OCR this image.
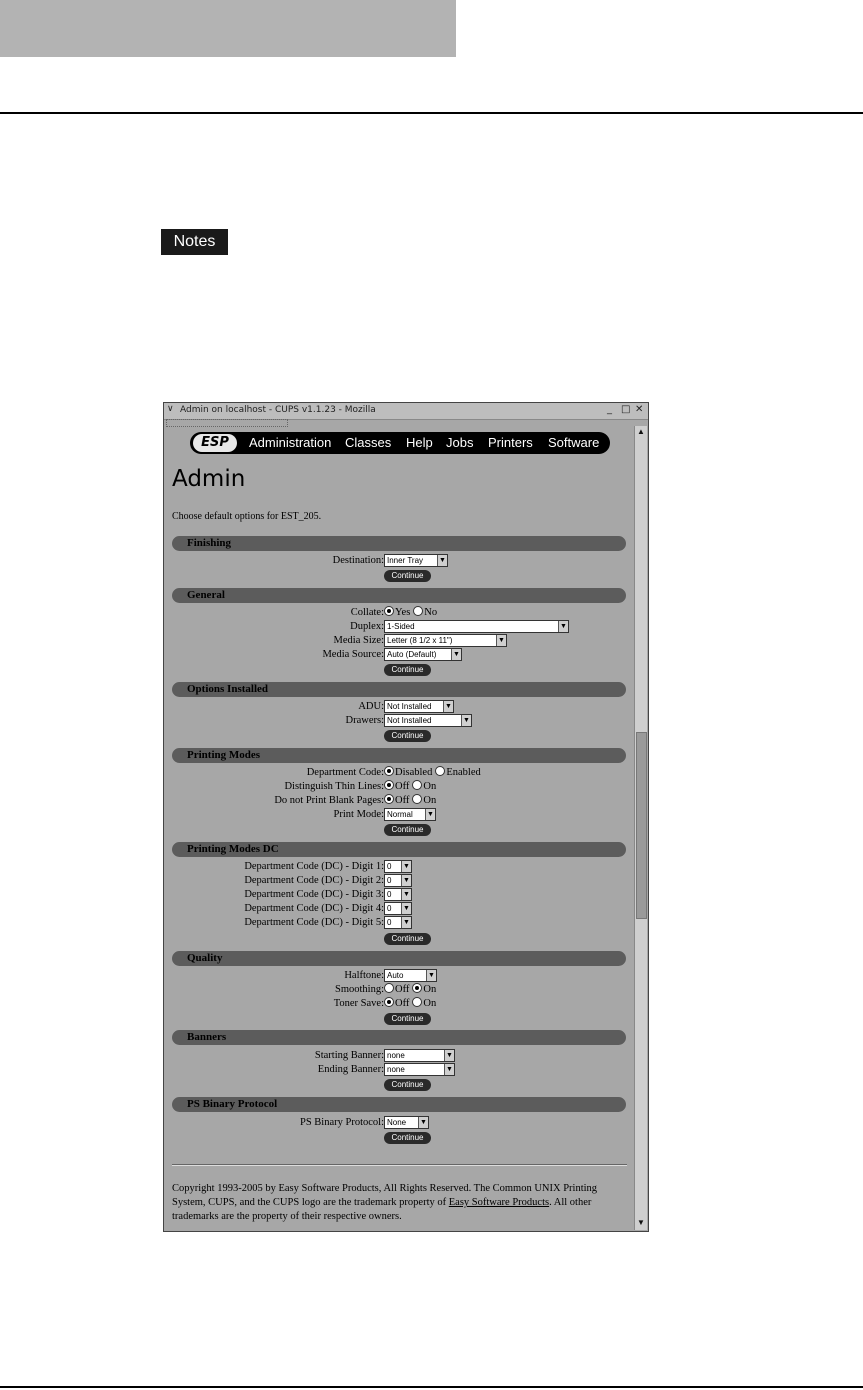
Notes
∨ Admin on localhost - CUPS v1.1.23 - Mozilla	_ □ ✕
ESP	Administration Classes Help Jobs Printers Software
Admin
Choose default options for EST_205.
Finishing
Destination: Inner Tray ▼
Continue
General
Collate:	Yes No
Duplex: 1-Sided	▼
Media Size: Letter (8 1/2 x 11")	▼
Media Source: Auto (Default) ▼
Continue
Options Installed
ADU: Not Installed ▼
Drawers: Not Installed	▼
Continue
Printing Modes
Department Code:	Disabled Enabled
Distinguish Thin Lines:	Off On
Do not Print Blank Pages:	Off On
Print Mode: Normal ▼
Continue
Printing Modes DC
Department Code (DC) - Digit 1: 0 ▼
Department Code (DC) - Digit 2: 0 ▼
Department Code (DC) - Digit 3: 0 ▼
Department Code (DC) - Digit 4: 0 ▼
Department Code (DC) - Digit 5: 0 ▼
Continue
Quality
Halftone: Auto	▼
Smoothing:	Off On
Toner Save:	Off On
Continue
Banners
Starting Banner: none	▼
Ending Banner: none	▼
Continue
PS Binary Protocol
PS Binary Protocol: None ▼
Continue
Copyright 1993-2005 by Easy Software Products, All Rights Reserved. The Common UNIX Printing System, CUPS, and the CUPS logo are the trademark property of Easy Software Products. All other trademarks are the property of their respective owners.
▲
▼
